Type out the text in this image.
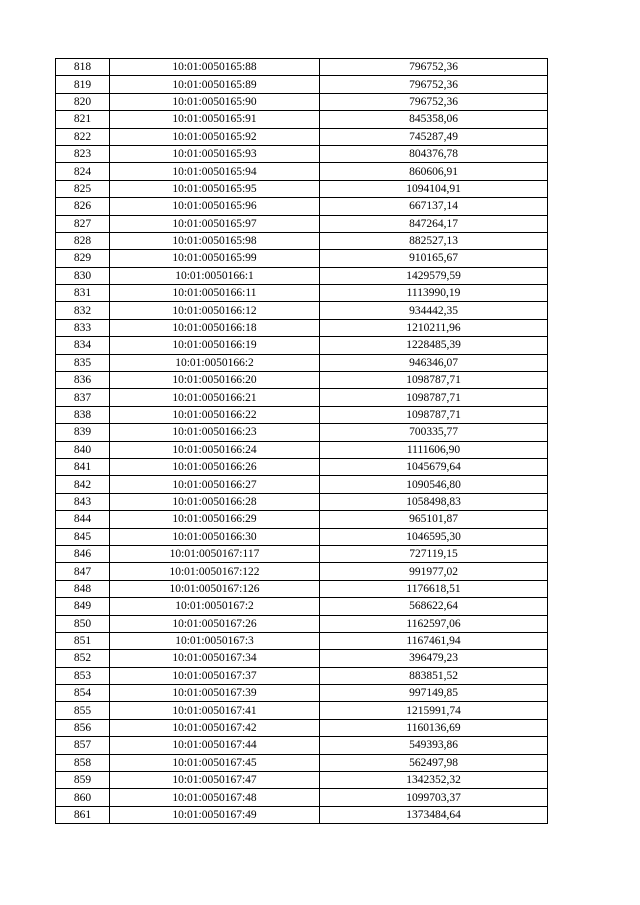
818	10:01:0050165:88	796752,36
819	10:01:0050165:89	796752,36
820	10:01:0050165:90	796752,36
821	10:01:0050165:91	845358,06
822	10:01:0050165:92	745287,49
823	10:01:0050165:93	804376,78
824	10:01:0050165:94	860606,91
825	10:01:0050165:95	1094104,91
826	10:01:0050165:96	667137,14
827	10:01:0050165:97	847264,17
828	10:01:0050165:98	882527,13
829	10:01:0050165:99	910165,67
830	10:01:0050166:1	1429579,59
831	10:01:0050166:11	1113990,19
832	10:01:0050166:12	934442,35
833	10:01:0050166:18	1210211,96
834	10:01:0050166:19	1228485,39
835	10:01:0050166:2	946346,07
836	10:01:0050166:20	1098787,71
837	10:01:0050166:21	1098787,71
838	10:01:0050166:22	1098787,71
839	10:01:0050166:23	700335,77
840	10:01:0050166:24	1111606,90
841	10:01:0050166:26	1045679,64
842	10:01:0050166:27	1090546,80
843	10:01:0050166:28	1058498,83
844	10:01:0050166:29	965101,87
845	10:01:0050166:30	1046595,30
846	10:01:0050167:117	727119,15
847	10:01:0050167:122	991977,02
848	10:01:0050167:126	1176618,51
849	10:01:0050167:2	568622,64
850	10:01:0050167:26	1162597,06
851	10:01:0050167:3	1167461,94
852	10:01:0050167:34	396479,23
853	10:01:0050167:37	883851,52
854	10:01:0050167:39	997149,85
855	10:01:0050167:41	1215991,74
856	10:01:0050167:42	1160136,69
857	10:01:0050167:44	549393,86
858	10:01:0050167:45	562497,98
859	10:01:0050167:47	1342352,32
860	10:01:0050167:48	1099703,37
861	10:01:0050167:49	1373484,64
